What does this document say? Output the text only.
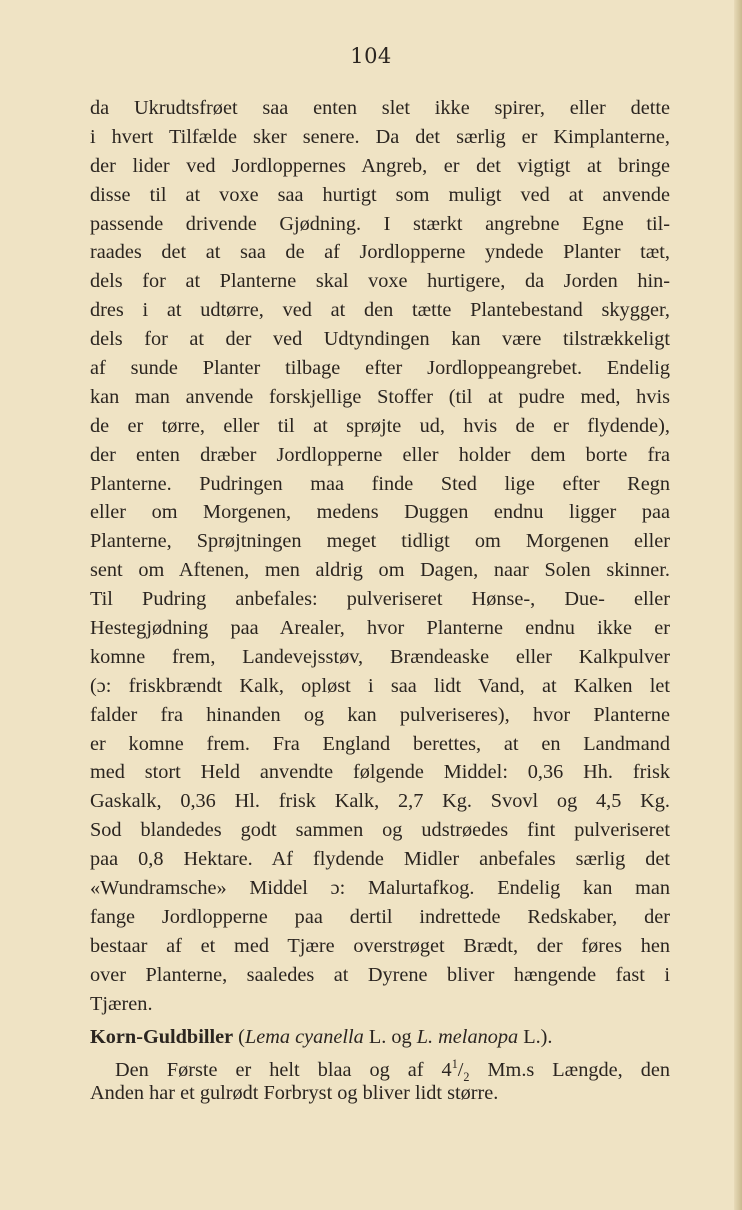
104
da Ukrudtsfrøet saa enten slet ikke spirer, eller dette
i hvert Tilfælde sker senere. Da det særlig er Kimplanterne,
der lider ved Jordloppernes Angreb, er det vigtigt at bringe
disse til at voxe saa hurtigt som muligt ved at anvende
passende drivende Gjødning. I stærkt angrebne Egne til-
raades det at saa de af Jordlopperne yndede Planter tæt,
dels for at Planterne skal voxe hurtigere, da Jorden hin-
dres i at udtørre, ved at den tætte Plantebestand skygger,
dels for at der ved Udtyndingen kan være tilstrækkeligt
af sunde Planter tilbage efter Jordloppeangrebet. Endelig
kan man anvende forskjellige Stoffer (til at pudre med, hvis
de er tørre, eller til at sprøjte ud, hvis de er flydende),
der enten dræber Jordlopperne eller holder dem borte fra
Planterne. Pudringen maa finde Sted lige efter Regn
eller om Morgenen, medens Duggen endnu ligger paa
Planterne, Sprøjtningen meget tidligt om Morgenen eller
sent om Aftenen, men aldrig om Dagen, naar Solen skinner.
Til Pudring anbefales: pulveriseret Hønse-, Due- eller
Hestegjødning paa Arealer, hvor Planterne endnu ikke er
komne frem, Landevejsstøv, Brændeaske eller Kalkpulver
(ɔ: friskbrændt Kalk, opløst i saa lidt Vand, at Kalken let
falder fra hinanden og kan pulveriseres), hvor Planterne
er komne frem. Fra England berettes, at en Landmand
med stort Held anvendte følgende Middel: 0,36 Hh. frisk
Gaskalk, 0,36 Hl. frisk Kalk, 2,7 Kg. Svovl og 4,5 Kg.
Sod blandedes godt sammen og udstrøedes fint pulveriseret
paa 0,8 Hektare. Af flydende Midler anbefales særlig det
«Wundramsche» Middel ɔ: Malurtafkog. Endelig kan man
fange Jordlopperne paa dertil indrettede Redskaber, der
bestaar af et med Tjære overstrøget Brædt, der føres hen
over Planterne, saaledes at Dyrene bliver hængende fast i
Tjæren.
Korn-Guldbiller (Lema cyanella L. og L. melanopa L.).
Den Første er helt blaa og af $4^1/_2$ Mm.s Længde, den
Anden har et gulrødt Forbryst og bliver lidt større.
